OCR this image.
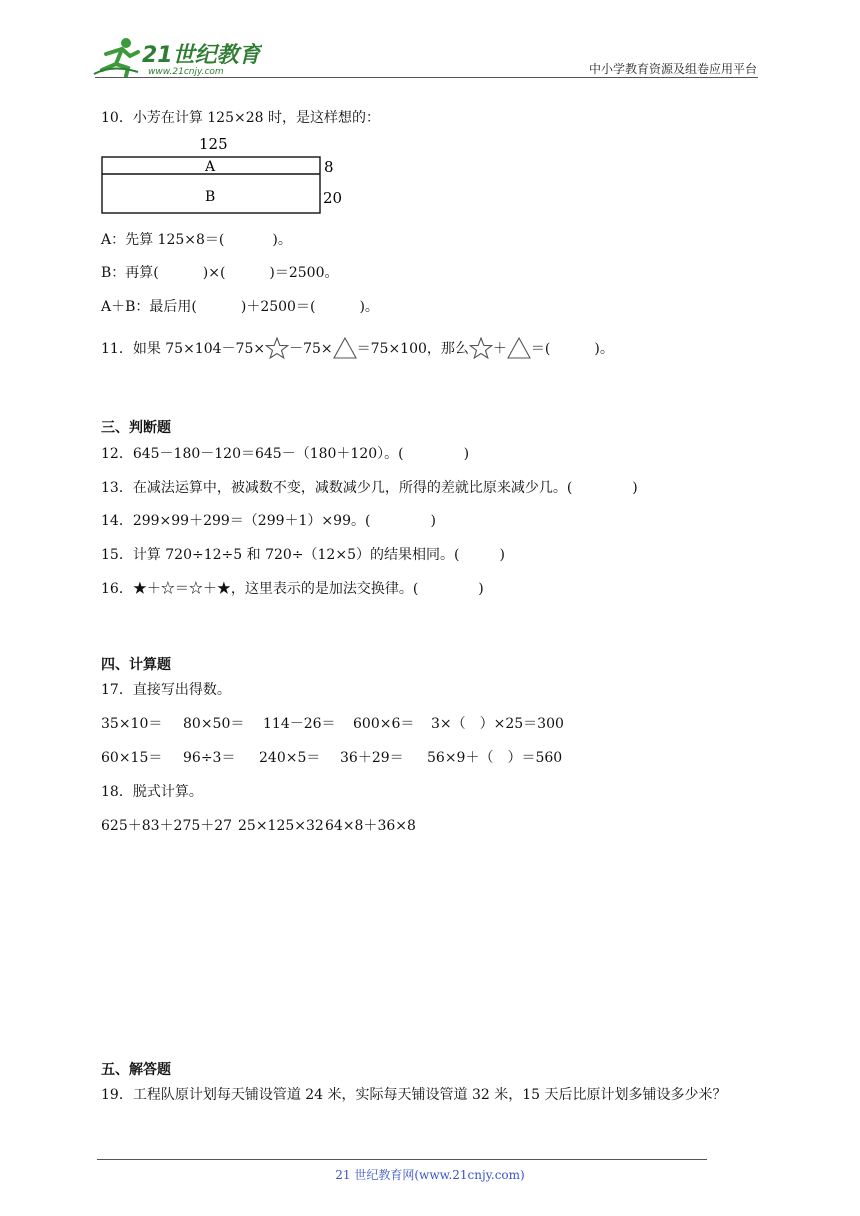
21世纪教育
www.21cnjy.com	中小学教育资源及组卷应用平台
10．小芳在计算 125×28 时，是这样想的：
125
A
B
8
20
A：先算 125×8＝(	)。
B：再算(	)×(	)＝2500。
A＋B：最后用(	)＋2500＝(	)。
11．如果 75×104－75× －75× ＝75×100，那么 ＋ ＝(	)。
三、判断题
12．645－180－120＝645－（180＋120）。(	)
13．在减法运算中，被减数不变，减数减少几，所得的差就比原来减少几。(	)
14．299×99＋299＝（299＋1）×99。(	)
15．计算 720÷12÷5 和 720÷（12×5）的结果相同。(	)
16．★＋☆＝☆＋★，这里表示的是加法交换律。(	)
四、计算题
17．直接写出得数。
35×10＝ 80×50＝ 114－26＝ 600×6＝ 3×（　）×25＝300
60×15＝ 96÷3＝ 240×5＝ 36＋29＝ 56×9＋（　）＝560
18．脱式计算。
625＋83＋275＋27 25×125×32 64×8＋36×8
五、解答题
19．工程队原计划每天铺设管道 24 米，实际每天铺设管道 32 米，15 天后比原计划多铺设多少米？
21 世纪教育网(www.21cnjy.com)
